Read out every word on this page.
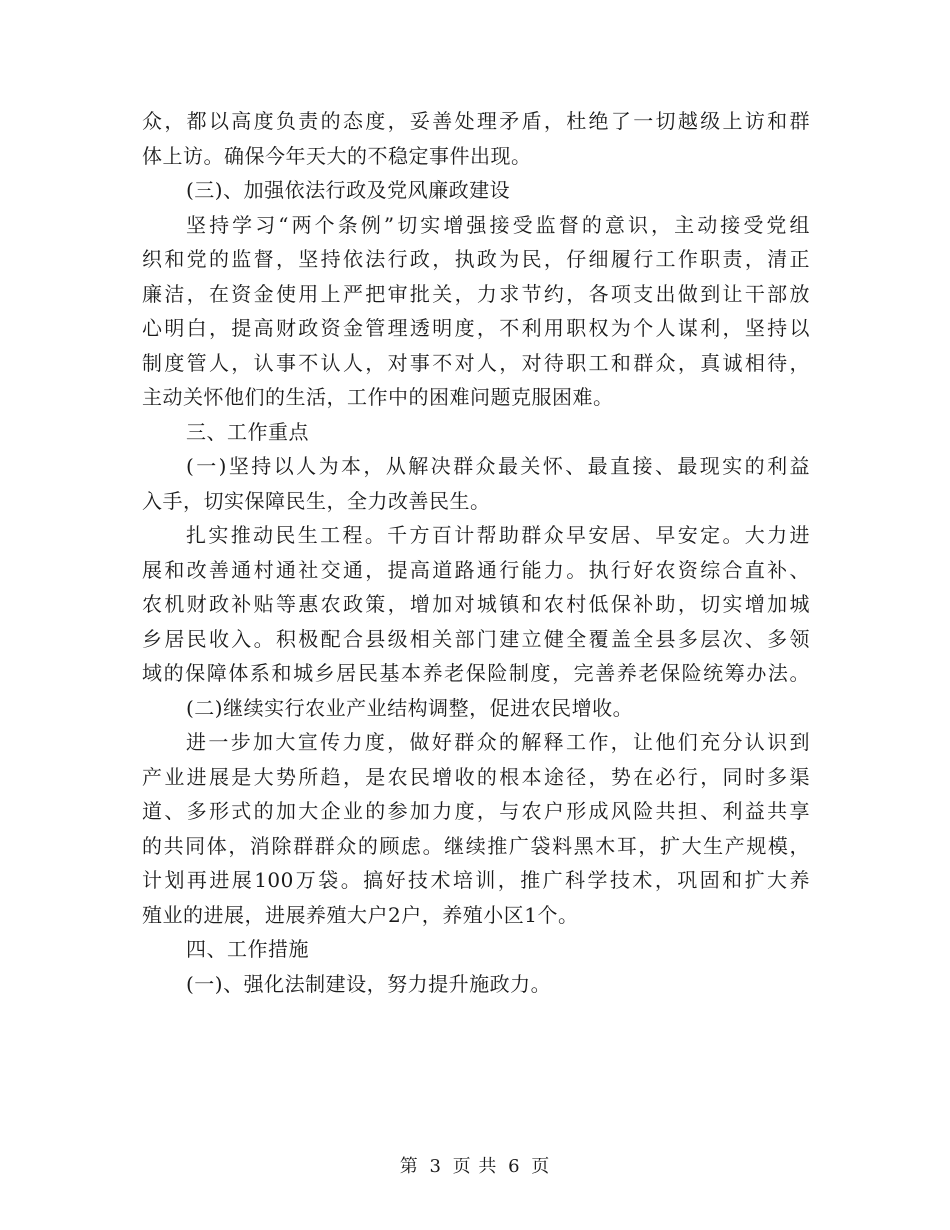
众，都以高度负责的态度，妥善处理矛盾，杜绝了一切越级上访和群
体上访。确保今年天大的不稳定事件出现。
(三)、加强依法行政及党风廉政建设
坚持学习“两个条例”切实增强接受监督的意识，主动接受党组
织和党的监督，坚持依法行政，执政为民，仔细履行工作职责，清正
廉洁，在资金使用上严把审批关，力求节约，各项支出做到让干部放
心明白，提高财政资金管理透明度，不利用职权为个人谋利，坚持以
制度管人，认事不认人，对事不对人，对待职工和群众，真诚相待，
主动关怀他们的生活，工作中的困难问题克服困难。
三、工作重点
(一)坚持以人为本，从解决群众最关怀、最直接、最现实的利益
入手，切实保障民生，全力改善民生。
扎实推动民生工程。千方百计帮助群众早安居、早安定。大力进
展和改善通村通社交通，提高道路通行能力。执行好农资综合直补、
农机财政补贴等惠农政策，增加对城镇和农村低保补助，切实增加城
乡居民收入。积极配合县级相关部门建立健全覆盖全县多层次、多领
域的保障体系和城乡居民基本养老保险制度，完善养老保险统筹办法。
(二)继续实行农业产业结构调整，促进农民增收。
进一步加大宣传力度，做好群众的解释工作，让他们充分认识到
产业进展是大势所趋，是农民增收的根本途径，势在必行，同时多渠
道、多形式的加大企业的参加力度，与农户形成风险共担、利益共享
的共同体，消除群群众的顾虑。继续推广袋料黑木耳，扩大生产规模，
计划再进展100万袋。搞好技术培训，推广科学技术，巩固和扩大养
殖业的进展，进展养殖大户2户，养殖小区1个。
四、工作措施
(一)、强化法制建设，努力提升施政力。
第 3 页 共 6 页
